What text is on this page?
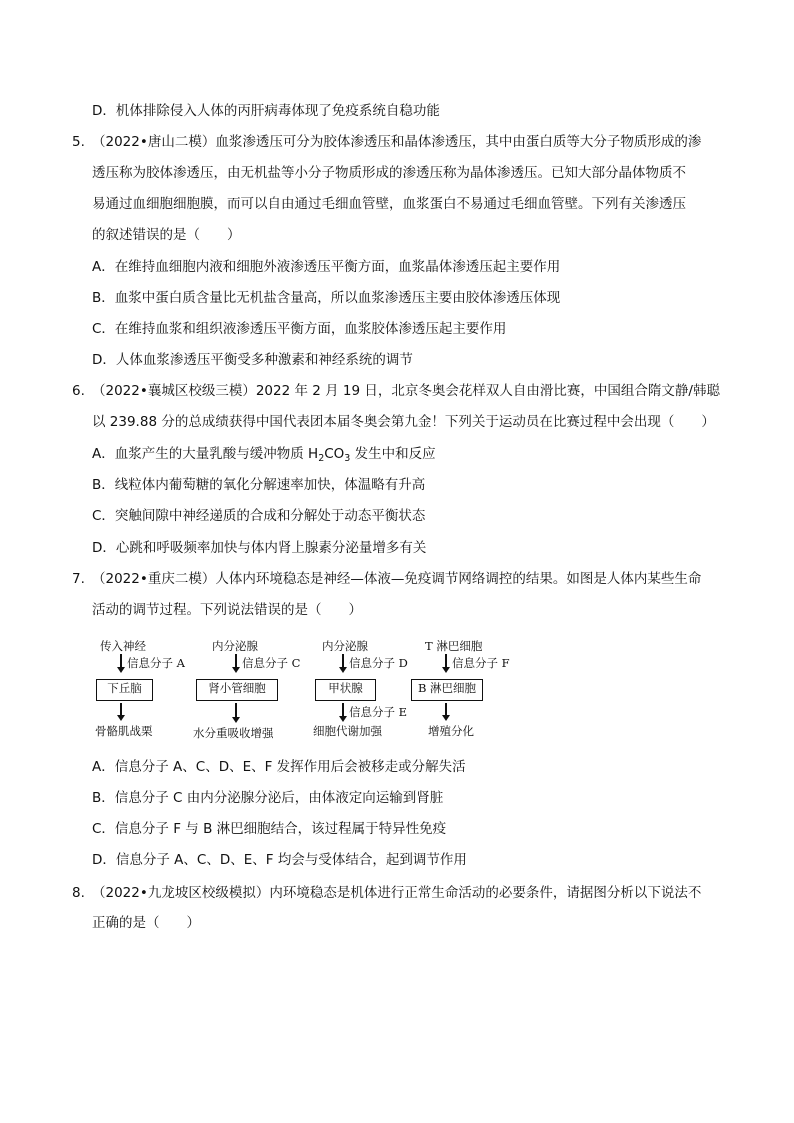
D．机体排除侵入人体的丙肝病毒体现了免疫系统自稳功能
5. （2022•唐山二模）血浆渗透压可分为胶体渗透压和晶体渗透压，其中由蛋白质等大分子物质形成的渗
透压称为胶体渗透压，由无机盐等小分子物质形成的渗透压称为晶体渗透压。已知大部分晶体物质不
易通过血细胞细胞膜，而可以自由通过毛细血管壁，血浆蛋白不易通过毛细血管壁。下列有关渗透压
的叙述错误的是（　　）
A．在维持血细胞内液和细胞外液渗透压平衡方面，血浆晶体渗透压起主要作用
B．血浆中蛋白质含量比无机盐含量高，所以血浆渗透压主要由胶体渗透压体现
C．在维持血浆和组织液渗透压平衡方面，血浆胶体渗透压起主要作用
D．人体血浆渗透压平衡受多种激素和神经系统的调节
6. （2022•襄城区校级三模）2022 年 2 月 19 日，北京冬奥会花样双人自由滑比赛，中国组合隋文静/韩聪
以 239.88 分的总成绩获得中国代表团本届冬奥会第九金！下列关于运动员在比赛过程中会出现（　　）
A．血浆产生的大量乳酸与缓冲物质 $H_2CO_3$ 发生中和反应
B．线粒体内葡萄糖的氧化分解速率加快，体温略有升高
C．突触间隙中神经递质的合成和分解处于动态平衡状态
D．心跳和呼吸频率加快与体内肾上腺素分泌量增多有关
7. （2022•重庆二模）人体内环境稳态是神经—体液—免疫调节网络调控的结果。如图是人体内某些生命
活动的调节过程。下列说法错误的是（　　）
传入神经
信息分子 A
下丘脑
骨骼肌战栗
内分泌腺
信息分子 C
肾小管细胞
水分重吸收增强
内分泌腺
信息分子 D
甲状腺
信息分子 E
细胞代谢加强
T 淋巴细胞
信息分子 F
B 淋巴细胞
增殖分化
A．信息分子 A、C、D、E、F 发挥作用后会被移走或分解失活
B．信息分子 C 由内分泌腺分泌后，由体液定向运输到肾脏
C．信息分子 F 与 B 淋巴细胞结合，该过程属于特异性免疫
D．信息分子 A、C、D、E、F 均会与受体结合，起到调节作用
8. （2022•九龙坡区校级模拟）内环境稳态是机体进行正常生命活动的必要条件，请据图分析以下说法不
正确的是（　　）
